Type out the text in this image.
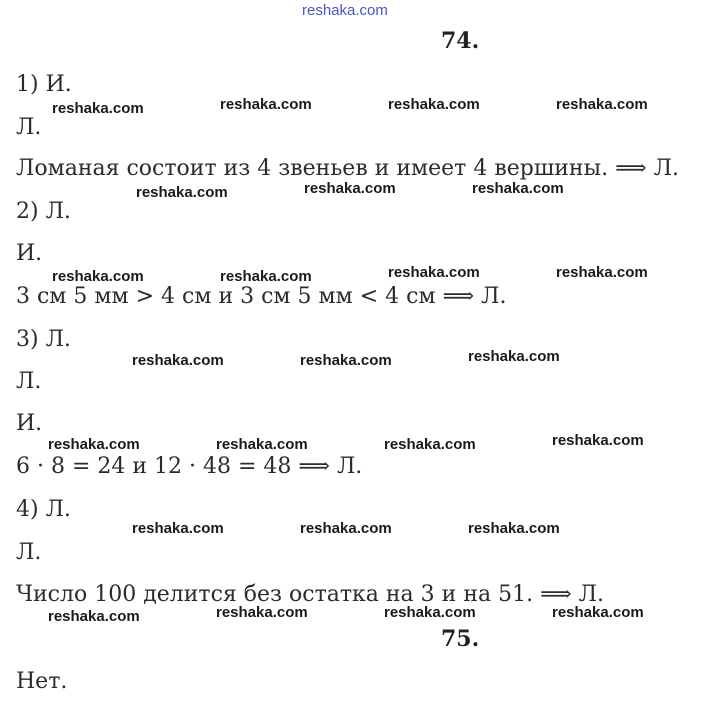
reshaka.com
74.
1) И.
Л.
Ломаная состоит из 4 звеньев и имеет 4 вершины. ⟹ Л.
2) Л.
И.
3 см 5 мм > 4 см и 3 см 5 мм < 4 см ⟹ Л.
3) Л.
Л.
И.
6 · 8 = 24 и 12 · 48 = 48 ⟹ Л.
4) Л.
Л.
Число 100 делится без остатка на 3 и на 51. ⟹ Л.
75.
Нет.
reshaka.com	reshaka.com	reshaka.com	reshaka.com
reshaka.com	reshaka.com	reshaka.com
reshaka.com	reshaka.com	reshaka.com	reshaka.com
reshaka.com	reshaka.com	reshaka.com
reshaka.com	reshaka.com	reshaka.com	reshaka.com
reshaka.com	reshaka.com	reshaka.com
reshaka.com	reshaka.com	reshaka.com	reshaka.com
